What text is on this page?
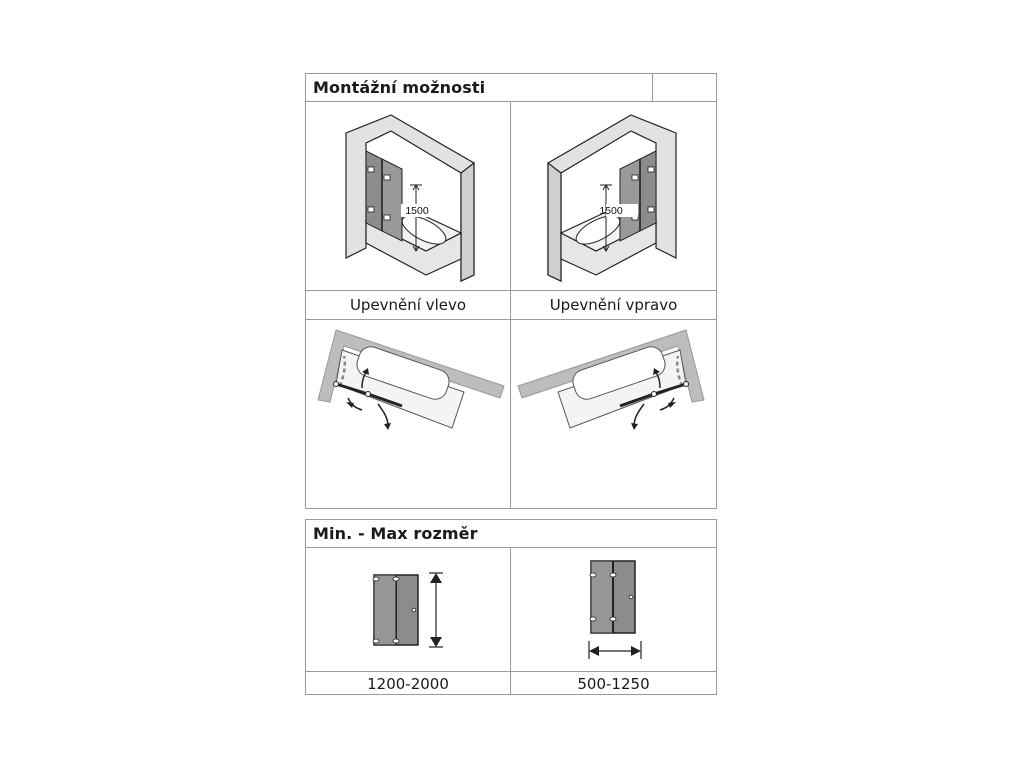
Montážní možnosti
1500	1500
Upevnění vlevo	Upevnění vpravo
Min. - Max rozměr
1200-2000	500-1250
